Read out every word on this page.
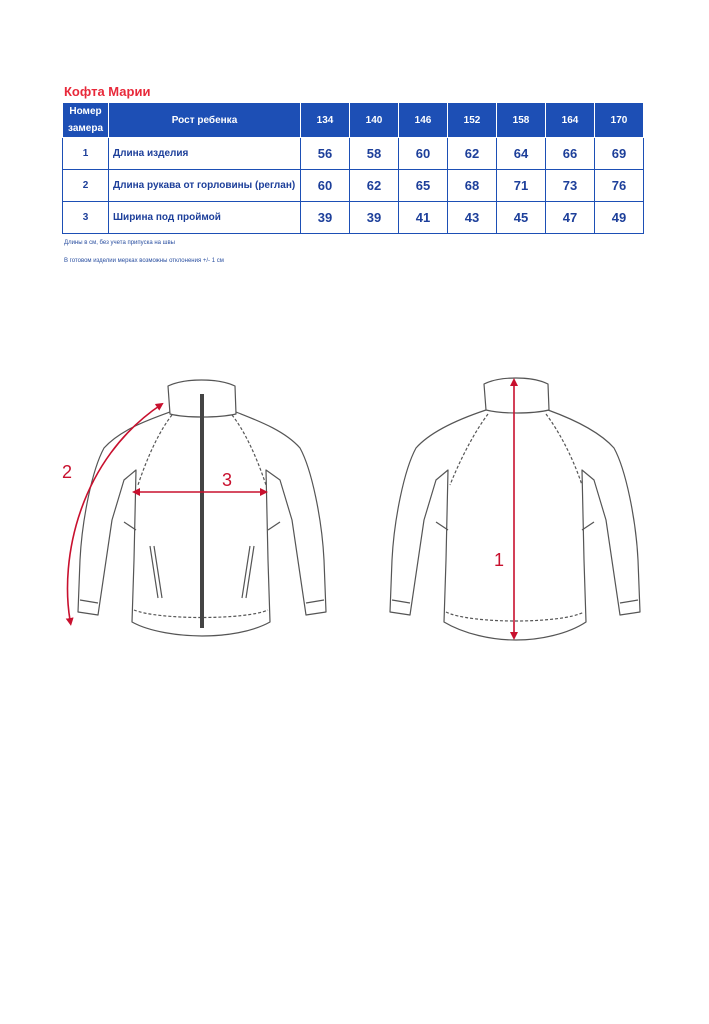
Кофта Марии
Номер замера	Рост ребенка	134	140	146	152	158	164	170
1	Длина изделия	56	58	60	62	64	66	69
2	Длина рукава от горловины (реглан)	60	62	65	68	71	73	76
3	Ширина под проймой	39	39	41	43	45	47	49
Длины в см, без учета припуска на швы
В готовом изделии мерках возможны отклонения +/- 1 см
2	3
1
